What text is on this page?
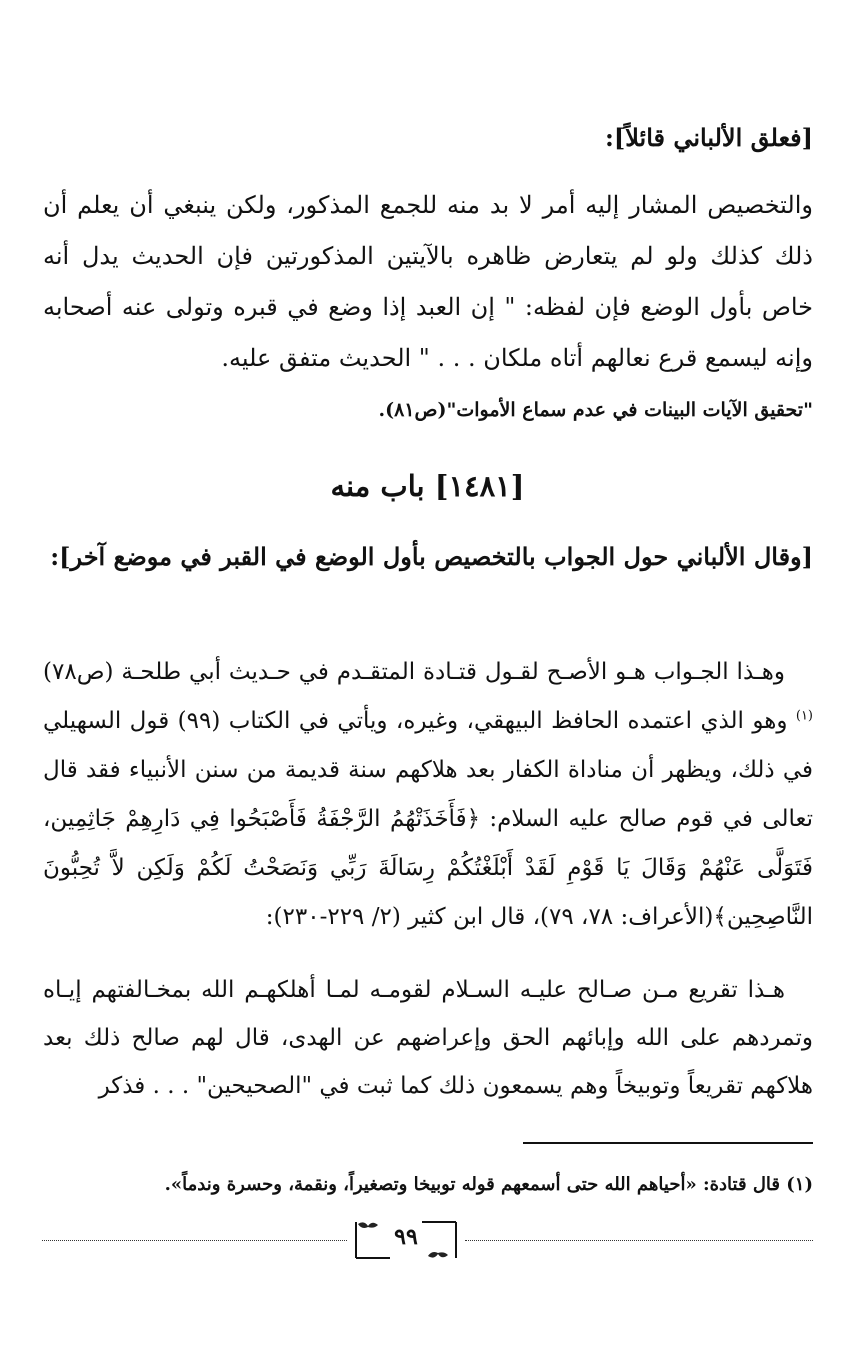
[فعلق الألباني قائلاً]:
والتخصيص المشار إليه أمر لا بد منه للجمع المذكور، ولكن ينبغي أن يعلم أن ذلك كذلك ولو لم يتعارض ظاهره بالآيتين المذكورتين فإن الحديث يدل أنه خاص بأول الوضع فإن لفظه: " إن العبد إذا وضع في قبره وتولى عنه أصحابه وإنه ليسمع قرع نعالهم أتاه ملكان . . . " الحديث متفق عليه.
"تحقيق الآيات البينات في عدم سماع الأموات"(ص٨١).
[١٤٨١] باب منه
[وقال الألباني حول الجواب بالتخصيص بأول الوضع في القبر في موضع آخر]:
وهـذا الجـواب هـو الأصـح لقـول قتـادة المتقـدم في حـديث أبي طلحـة (ص٧٨)$^{(١)}$ وهو الذي اعتمده الحافظ البيهقي، وغيره، ويأتي في الكتاب (٩٩) قول السهيلي في ذلك، ويظهر أن مناداة الكفار بعد هلاكهم سنة قديمة من سنن الأنبياء فقد قال تعالى في قوم صالح عليه السلام: ﴿فَأَخَذَتْهُمُ الرَّجْفَةُ فَأَصْبَحُوا فِي دَارِهِمْ جَاثِمِين، فَتَوَلَّى عَنْهُمْ وَقَالَ يَا قَوْمِ لَقَدْ أَبْلَغْتُكُمْ رِسَالَةَ رَبِّي وَنَصَحْتُ لَكُمْ وَلَكِن لاَّ تُحِبُّونَ النَّاصِحِين﴾(الأعراف: ٧٨، ٧٩)، قال ابن كثير (٢/ ٢٢٩-٢٣٠):
هـذا تقريع مـن صـالح عليـه السـلام لقومـه لمـا أهلكهـم الله بمخـالفتهم إيـاه وتمردهم على الله وإبائهم الحق وإعراضهم عن الهدى، قال لهم صالح ذلك بعد هلاكهم تقريعاً وتوبيخاً وهم يسمعون ذلك كما ثبت في "الصحيحين" . . . فذكر
(١) قال قتادة: «أحياهم الله حتى أسمعهم قوله توبيخا وتصغيراً، ونقمة، وحسرة وندماً».
٩٩
